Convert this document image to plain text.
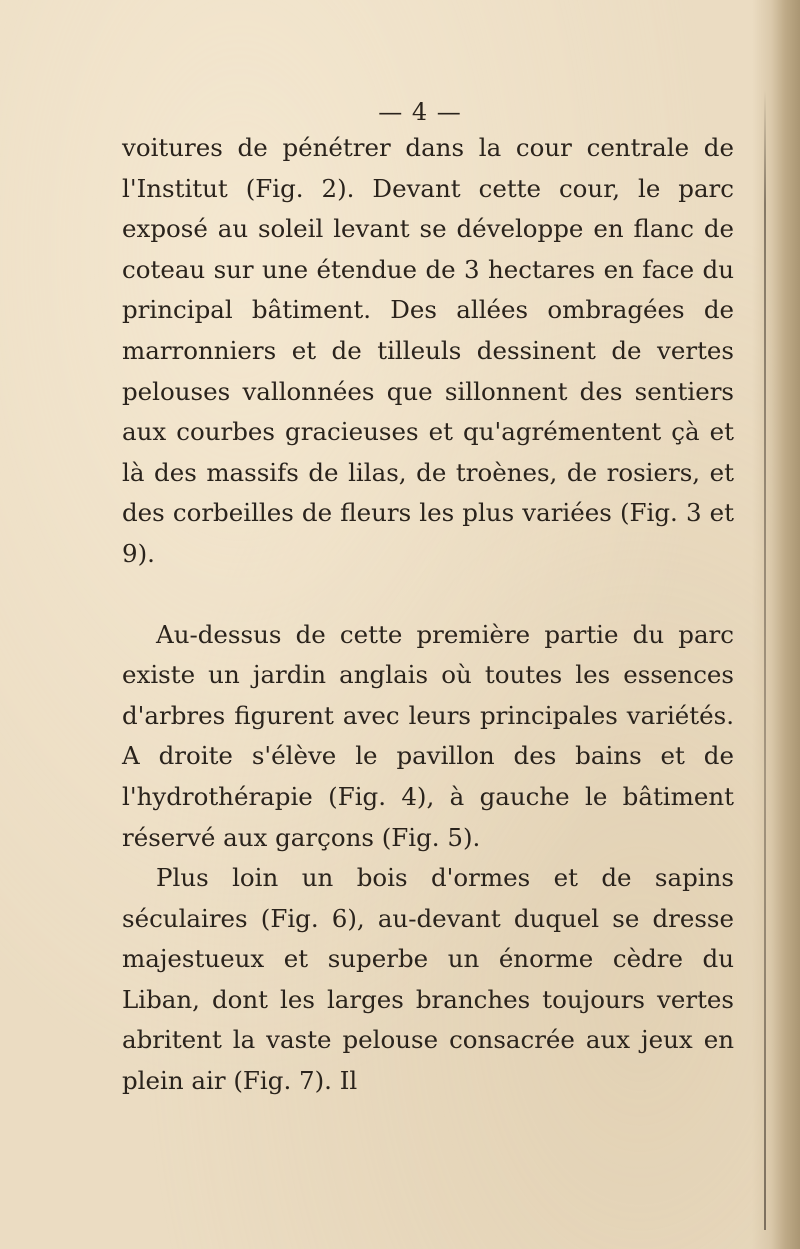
— 4 —

voitures de pénétrer dans la cour centrale de l'Institut (Fig. 2). Devant cette cour, le parc exposé au soleil levant se développe en flanc de coteau sur une étendue de 3 hectares en face du principal bâtiment. Des allées ombragées de marronniers et de tilleuls dessinent de vertes pelouses vallonnées que sillonnent des sentiers aux courbes gracieuses et qu'agrémentent çà et là des massifs de lilas, de troènes, de rosiers, et des corbeilles de fleurs les plus variées (Fig. 3 et 9).

Au-dessus de cette première partie du parc existe un jardin anglais où toutes les essences d'arbres figurent avec leurs principales variétés. A droite s'élève le pavillon des bains et de l'hydrothérapie (Fig. 4), à gauche le bâtiment réservé aux garçons (Fig. 5).

Plus loin un bois d'ormes et de sapins séculaires (Fig. 6), au-devant duquel se dresse majestueux et superbe un énorme cèdre du Liban, dont les larges branches toujours vertes abritent la vaste pelouse consacrée aux jeux en plein air (Fig. 7). Il
